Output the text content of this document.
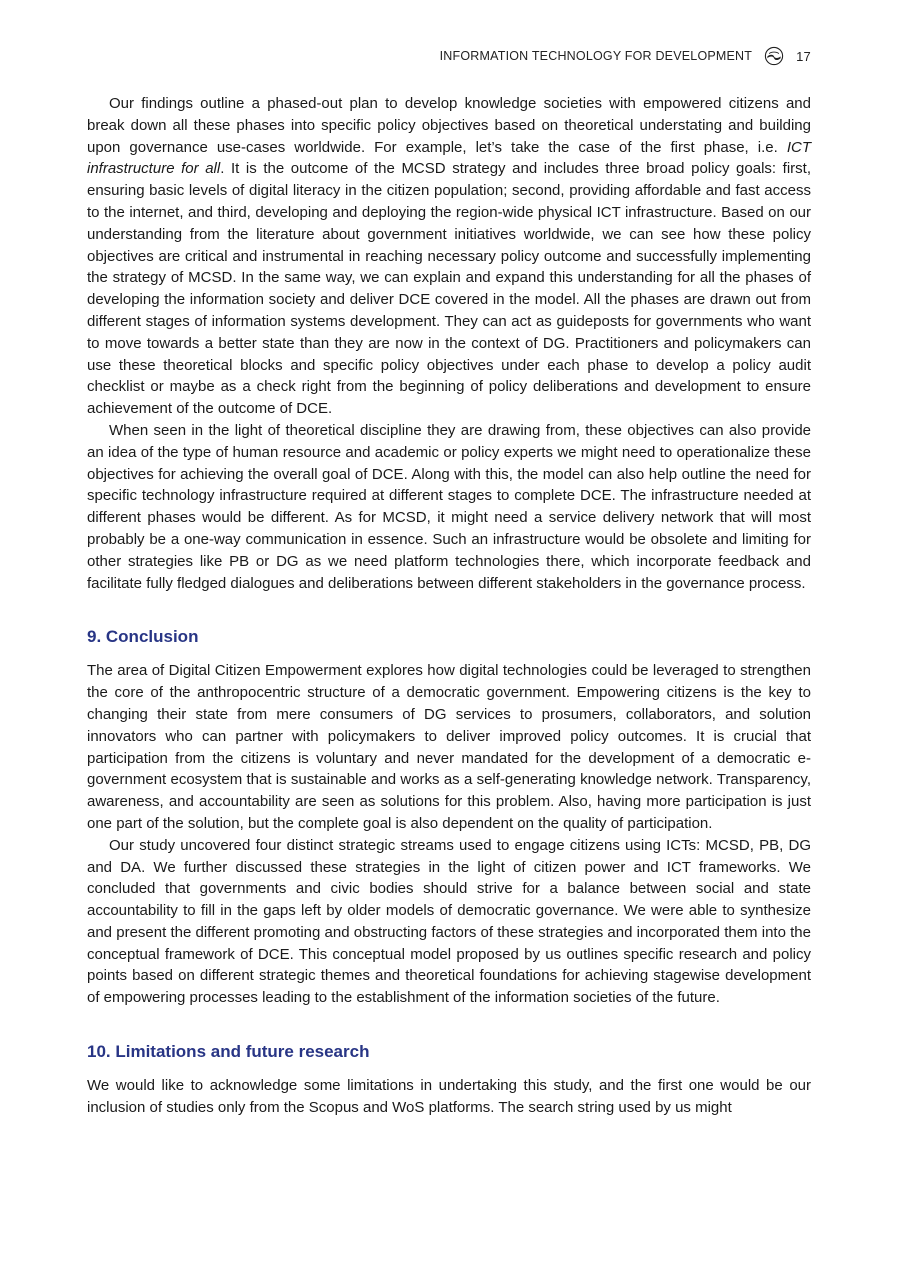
INFORMATION TECHNOLOGY FOR DEVELOPMENT	17

Our findings outline a phased-out plan to develop knowledge societies with empowered citizens and break down all these phases into specific policy objectives based on theoretical understating and building upon governance use-cases worldwide. For example, let’s take the case of the first phase, i.e. ICT infrastructure for all. It is the outcome of the MCSD strategy and includes three broad policy goals: first, ensuring basic levels of digital literacy in the citizen population; second, providing affordable and fast access to the internet, and third, developing and deploying the region-wide physical ICT infrastructure. Based on our understanding from the literature about government initiatives worldwide, we can see how these policy objectives are critical and instrumental in reaching necessary policy outcome and successfully implementing the strategy of MCSD. In the same way, we can explain and expand this understanding for all the phases of developing the information society and deliver DCE covered in the model. All the phases are drawn out from different stages of information systems development. They can act as guideposts for governments who want to move towards a better state than they are now in the context of DG. Practitioners and policymakers can use these theoretical blocks and specific policy objectives under each phase to develop a policy audit checklist or maybe as a check right from the beginning of policy deliberations and development to ensure achievement of the outcome of DCE.

When seen in the light of theoretical discipline they are drawing from, these objectives can also provide an idea of the type of human resource and academic or policy experts we might need to operationalize these objectives for achieving the overall goal of DCE. Along with this, the model can also help outline the need for specific technology infrastructure required at different stages to complete DCE. The infrastructure needed at different phases would be different. As for MCSD, it might need a service delivery network that will most probably be a one-way communication in essence. Such an infrastructure would be obsolete and limiting for other strategies like PB or DG as we need platform technologies there, which incorporate feedback and facilitate fully fledged dialogues and deliberations between different stakeholders in the governance process.

9. Conclusion

The area of Digital Citizen Empowerment explores how digital technologies could be leveraged to strengthen the core of the anthropocentric structure of a democratic government. Empowering citizens is the key to changing their state from mere consumers of DG services to prosumers, collaborators, and solution innovators who can partner with policymakers to deliver improved policy outcomes. It is crucial that participation from the citizens is voluntary and never mandated for the development of a democratic e-government ecosystem that is sustainable and works as a self-generating knowledge network. Transparency, awareness, and accountability are seen as solutions for this problem. Also, having more participation is just one part of the solution, but the complete goal is also dependent on the quality of participation.

Our study uncovered four distinct strategic streams used to engage citizens using ICTs: MCSD, PB, DG and DA. We further discussed these strategies in the light of citizen power and ICT frameworks. We concluded that governments and civic bodies should strive for a balance between social and state accountability to fill in the gaps left by older models of democratic governance. We were able to synthesize and present the different promoting and obstructing factors of these strategies and incorporated them into the conceptual framework of DCE. This conceptual model proposed by us outlines specific research and policy points based on different strategic themes and theoretical foundations for achieving stagewise development of empowering processes leading to the establishment of the information societies of the future.

10. Limitations and future research

We would like to acknowledge some limitations in undertaking this study, and the first one would be our inclusion of studies only from the Scopus and WoS platforms. The search string used by us might
